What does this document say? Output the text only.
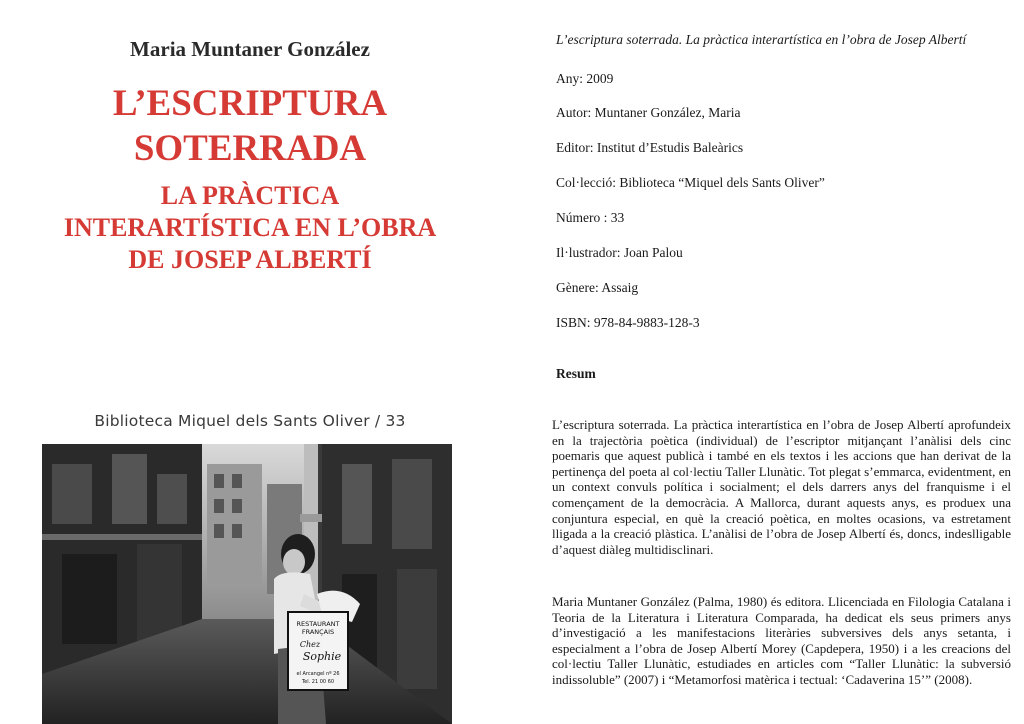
Maria Muntaner González
L’ESCRIPTURA
SOTERRADA
LA PRÀCTICA
INTERARTÍSTICA EN L’OBRA
DE JOSEP ALBERTÍ
Biblioteca Miquel dels Sants Oliver / 33
RESTAURANT
FRANÇAIS
Chez
Sophie
el Arcangel nº 26
Tel. 21 00 60
L’escriptura soterrada. La pràctica interartística en l’obra de Josep Albertí
Any: 2009
Autor: Muntaner González, Maria
Editor: Institut d’Estudis Baleàrics
Col·lecció: Biblioteca “Miquel dels Sants Oliver”
Número : 33
Il·lustrador: Joan Palou
Gènere: Assaig
ISBN: 978-84-9883-128-3
Resum

L’escriptura soterrada. La pràctica interartística en l’obra de Josep Albertí aprofundeix en la trajectòria poètica (individual) de l’escriptor mitjançant l’anàlisi dels cinc poemaris que aquest publicà i també en els textos i les accions que han derivat de la pertinença del poeta al col·lectiu Taller Llunàtic. Tot plegat s’emmarca, evidentment, en un context convuls política i socialment; el dels darrers anys del franquisme i el començament de la democràcia. A Mallorca, durant aquests anys, es produex una conjuntura especial, en què la creació poètica, en moltes ocasions, va estretament lligada a la creació plàstica. L’anàlisi de l’obra de Josep Albertí és, doncs, indeslligable d’aquest diàleg multidisclinari.

Maria Muntaner González (Palma, 1980) és editora. Llicenciada en Filologia Catalana i Teoria de la Literatura i Literatura Comparada, ha dedicat els seus primers anys d’investigació a les manifestacions literàries subversives dels anys setanta, i especialment a l’obra de Josep Albertí Morey (Capdepera, 1950) i a les creacions del col·lectiu Taller Llunàtic, estudiades en articles com “Taller Llunàtic: la subversió indissoluble” (2007) i “Metamorfosi matèrica i tectual: ‘Cadaverina 15’” (2008).
